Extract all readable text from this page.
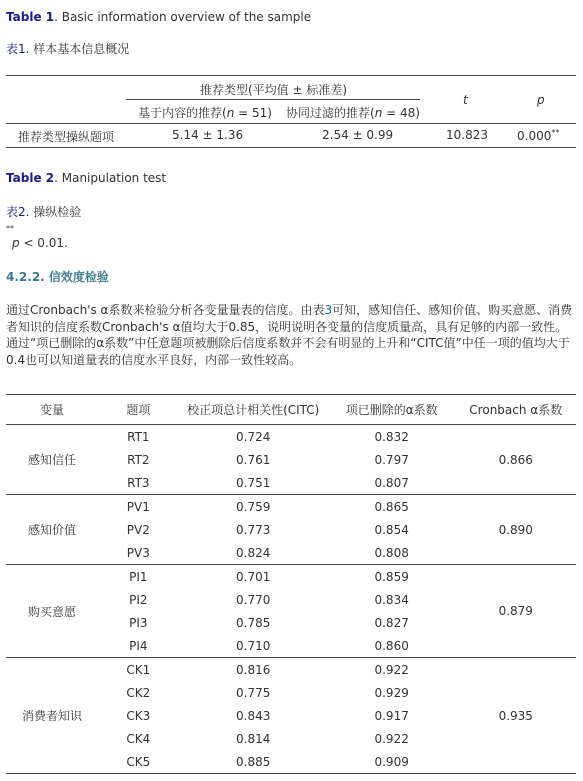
Table 1. Basic information overview of the sample
表1. 样本基本信息概况
推荐类型(平均值 ± 标准差)
基于内容的推荐(n = 51) 协同过滤的推荐(n = 48)
t	p
推荐类型操纵题项	5.14 ± 1.36	2.54 ± 0.99	10.823 0.000**
Table 2. Manipulation test
表2. 操纵检验
**
p < 0.01.
4.2.2. 信效度检验
通过Cronbach's α系数来检验分析各变量量表的信度。由表3可知，感知信任、感知价值、购买意愿、消费者知识的信度系数Cronbach's α值均大于0.85，说明说明各变量的信度质量高，具有足够的内部一致性。通过“项已删除的α系数”中任意题项被删除后信度系数并不会有明显的上升和“CITC值”中任一项的值均大于0.4也可以知道量表的信度水平良好，内部一致性较高。
变量	题项	校正项总计相关性(CITC)	项已删除的α系数	Cronbach α系数
感知信任	RT1	0.724	0.832	0.866
	RT2	0.761	0.797	
	RT3	0.751	0.807	
感知价值	PV1	0.759	0.865	0.890
	PV2	0.773	0.854	
	PV3	0.824	0.808	
购买意愿	PI1	0.701	0.859	0.879
	PI2	0.770	0.834	
	PI3	0.785	0.827	
	PI4	0.710	0.860	
消费者知识	CK1	0.816	0.922	0.935
	CK2	0.775	0.929	
	CK3	0.843	0.917	
	CK4	0.814	0.922	
	CK5	0.885	0.909	
